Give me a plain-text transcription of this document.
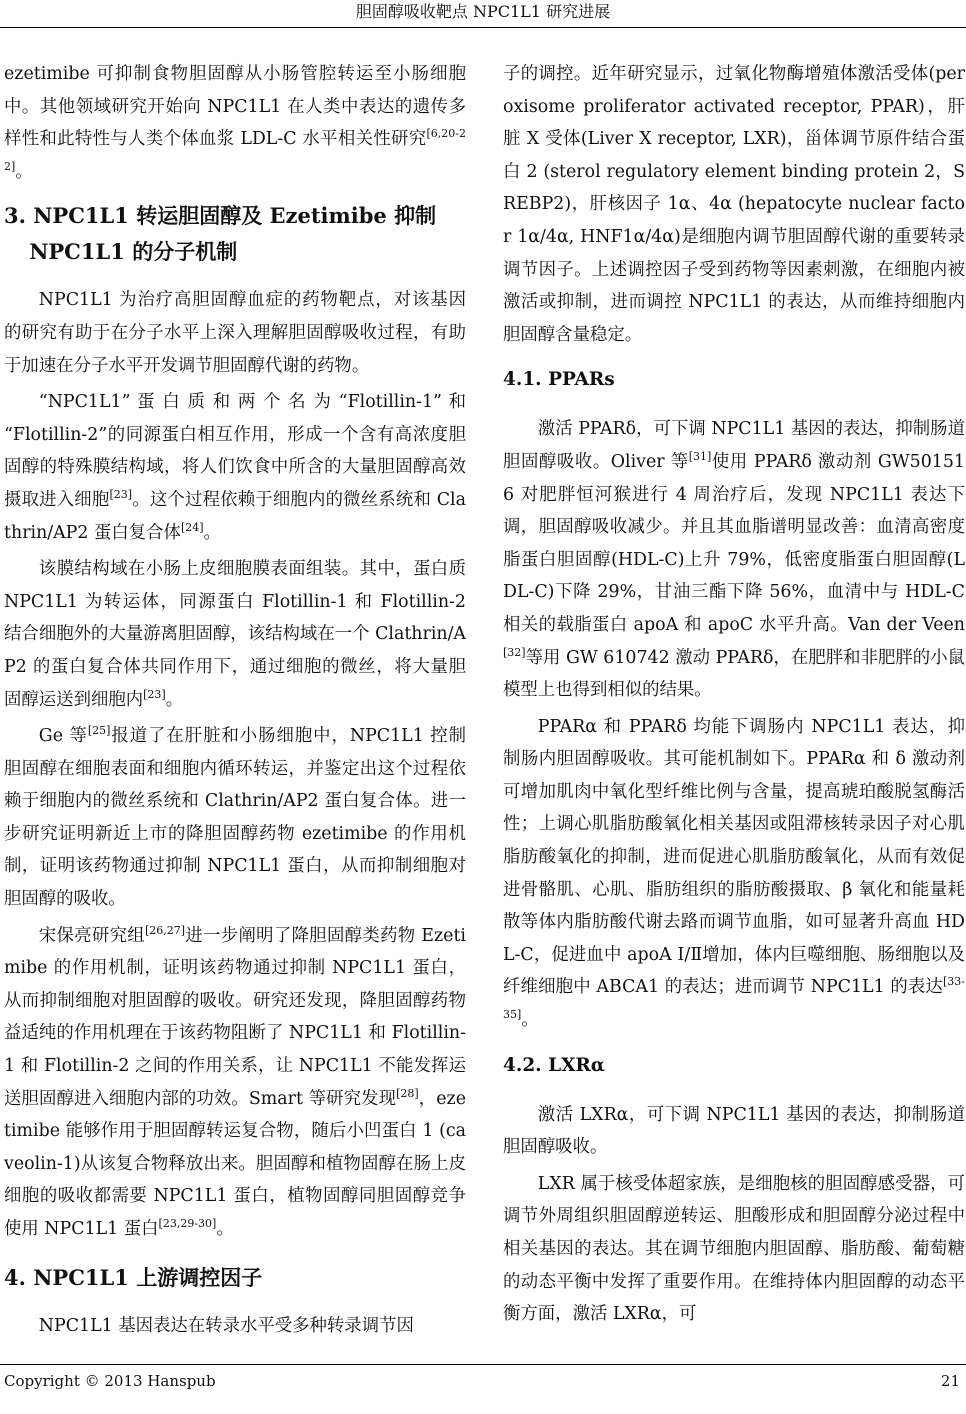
胆固醇吸收靶点 NPC1L1 研究进展

ezetimibe 可抑制食物胆固醇从小肠管腔转运至小肠细胞中。其他领域研究开始向 NPC1L1 在人类中表达的遗传多样性和此特性与人类个体血浆 LDL-C 水平相关性研究[6,20-22]。

3. NPC1L1 转运胆固醇及 Ezetimibe 抑制 NPC1L1 的分子机制

NPC1L1 为治疗高胆固醇血症的药物靶点，对该基因的研究有助于在分子水平上深入理解胆固醇吸收过程，有助于加速在分子水平开发调节胆固醇代谢的药物。

“NPC1L1” 蛋 白 质 和 两 个 名 为 “Flotillin-1” 和 “Flotillin-2”的同源蛋白相互作用，形成一个含有高浓度胆固醇的特殊膜结构域，将人们饮食中所含的大量胆固醇高效摄取进入细胞[23]。这个过程依赖于细胞内的微丝系统和 Clathrin/AP2 蛋白复合体[24]。

该膜结构域在小肠上皮细胞膜表面组装。其中，蛋白质 NPC1L1 为转运体，同源蛋白 Flotillin-1 和 Flotillin-2 结合细胞外的大量游离胆固醇，该结构域在一个 Clathrin/AP2 的蛋白复合体共同作用下，通过细胞的微丝，将大量胆固醇运送到细胞内[23]。

Ge 等[25]报道了在肝脏和小肠细胞中，NPC1L1 控制胆固醇在细胞表面和细胞内循环转运，并鉴定出这个过程依赖于细胞内的微丝系统和 Clathrin/AP2 蛋白复合体。进一步研究证明新近上市的降胆固醇药物 ezetimibe 的作用机制，证明该药物通过抑制 NPC1L1 蛋白，从而抑制细胞对胆固醇的吸收。

宋保亮研究组[26,27]进一步阐明了降胆固醇类药物 Ezetimibe 的作用机制，证明该药物通过抑制 NPC1L1 蛋白，从而抑制细胞对胆固醇的吸收。研究还发现，降胆固醇药物益适纯的作用机理在于该药物阻断了 NPC1L1 和 Flotillin-1 和 Flotillin-2 之间的作用关系，让 NPC1L1 不能发挥运送胆固醇进入细胞内部的功效。Smart 等研究发现[28]，ezetimibe 能够作用于胆固醇转运复合物，随后小凹蛋白 1 (caveolin-1)从该复合物释放出来。胆固醇和植物固醇在肠上皮细胞的吸收都需要 NPC1L1 蛋白，植物固醇同胆固醇竞争使用 NPC1L1 蛋白[23,29-30]。

4. NPC1L1 上游调控因子

NPC1L1 基因表达在转录水平受多种转录调节因

子的调控。近年研究显示，过氧化物酶增殖体激活受体(peroxisome proliferator activated receptor, PPAR)，肝脏 X 受体(Liver X receptor, LXR)，甾体调节原件结合蛋白 2 (sterol regulatory element binding protein 2，SREBP2)，肝核因子 1α、4α (hepatocyte nuclear factor 1α/4α, HNF1α/4α)是细胞内调节胆固醇代谢的重要转录调节因子。上述调控因子受到药物等因素刺激，在细胞内被激活或抑制，进而调控 NPC1L1 的表达，从而维持细胞内胆固醇含量稳定。

4.1. PPARs

激活 PPARδ，可下调 NPC1L1 基因的表达，抑制肠道胆固醇吸收。Oliver 等[31]使用 PPARδ 激动剂 GW501516 对肥胖恒河猴进行 4 周治疗后，发现 NPC1L1 表达下调，胆固醇吸收减少。并且其血脂谱明显改善：血清高密度脂蛋白胆固醇(HDL-C)上升 79%，低密度脂蛋白胆固醇(LDL-C)下降 29%，甘油三酯下降 56%，血清中与 HDL-C 相关的载脂蛋白 apoA 和 apoC 水平升高。Van der Veen[32]等用 GW 610742 激动 PPARδ，在肥胖和非肥胖的小鼠模型上也得到相似的结果。

PPARα 和 PPARδ 均能下调肠内 NPC1L1 表达，抑制肠内胆固醇吸收。其可能机制如下。PPARα 和 δ 激动剂可增加肌肉中氧化型纤维比例与含量，提高琥珀酸脱氢酶活性；上调心肌脂肪酸氧化相关基因或阻滞核转录因子对心肌脂肪酸氧化的抑制，进而促进心肌脂肪酸氧化，从而有效促进骨骼肌、心肌、脂肪组织的脂肪酸摄取、β 氧化和能量耗散等体内脂肪酸代谢去路而调节血脂，如可显著升高血 HDL-C，促进血中 apoA Ⅰ/Ⅱ增加，体内巨噬细胞、肠细胞以及纤维细胞中 ABCA1 的表达；进而调节 NPC1L1 的表达[33-35]。

4.2. LXRα

激活 LXRα，可下调 NPC1L1 基因的表达，抑制肠道胆固醇吸收。

LXR 属于核受体超家族，是细胞核的胆固醇感受器，可调节外周组织胆固醇逆转运、胆酸形成和胆固醇分泌过程中相关基因的表达。其在调节细胞内胆固醇、脂肪酸、葡萄糖的动态平衡中发挥了重要作用。在维持体内胆固醇的动态平衡方面，激活 LXRα，可

Copyright © 2013 Hanspub	21
